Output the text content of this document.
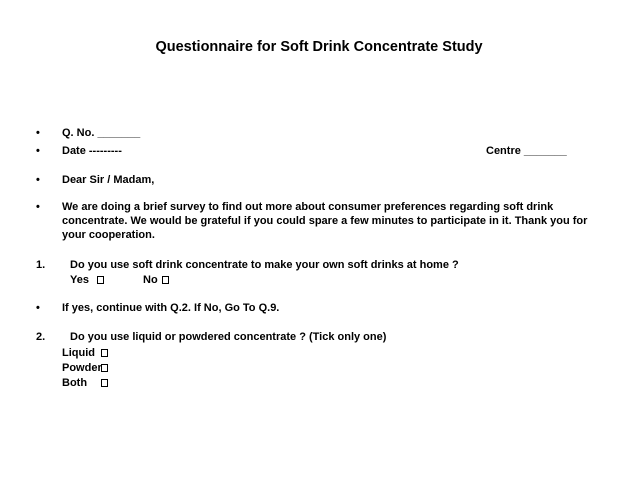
Questionnaire for Soft Drink Concentrate Study
• Q. No. _______
• Date ---------	Centre _______
• Dear Sir / Madam,
• We are doing a brief survey to find out more about consumer preferences regarding soft drink
concentrate. We would be grateful if you could spare a few minutes to participate in it. Thank you for
your cooperation.
1. Do you use soft drink concentrate to make your own soft drinks at home ?
Yes	No
• If yes, continue with Q.2. If No, Go To Q.9.
2. Do you use liquid or powdered concentrate ? (Tick only one)
Liquid
Powder
Both
